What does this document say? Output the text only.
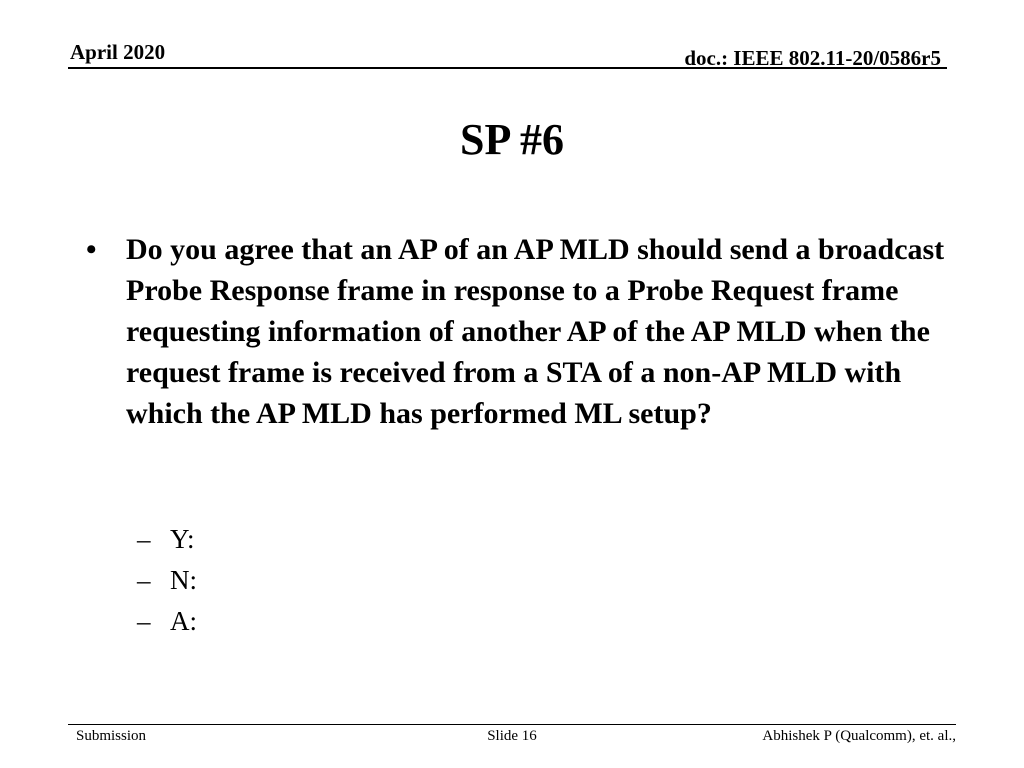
April 2020	doc.: IEEE 802.11-20/0586r5
SP #6
• Do you agree that an AP of an AP MLD should send a broadcast Probe Response frame in response to a Probe Request frame requesting information of another AP of the AP MLD when the request frame is received from a STA of a non-AP MLD with which the AP MLD has performed ML setup?
– Y:
– N:
– A:
Submission	Slide 16	Abhishek P (Qualcomm), et. al.,
